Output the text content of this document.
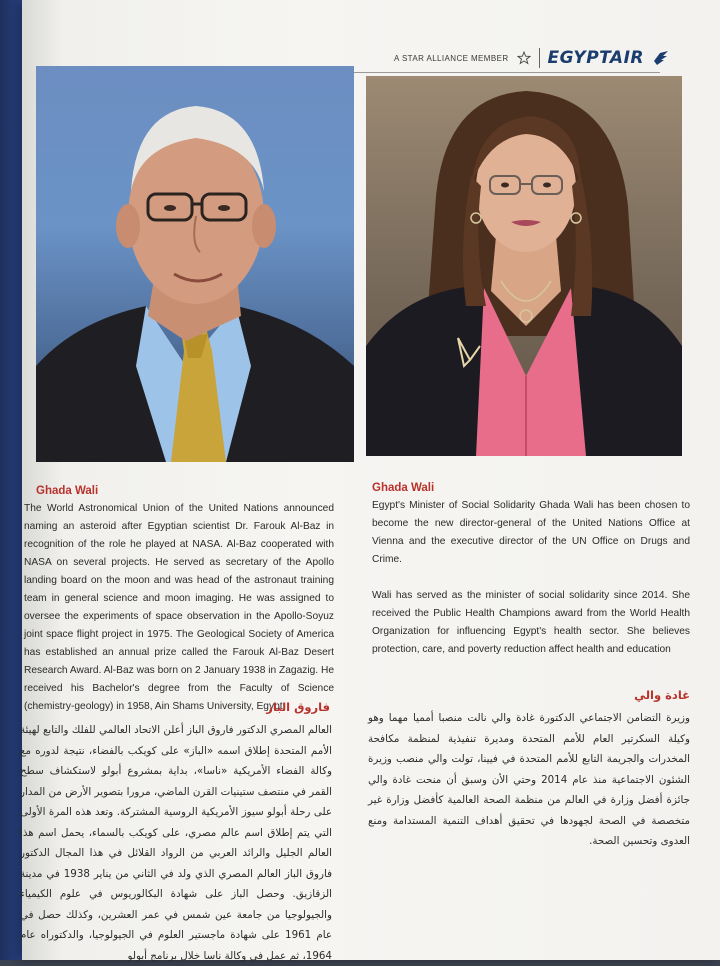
A STAR ALLIANCE MEMBER EGYPTAIR
Ghada Wali

The World Astronomical Union of the United Nations announced naming an asteroid after Egyptian scientist Dr. Farouk Al-Baz in recognition of the role he played at NASA. Al-Baz cooperated with NASA on several projects. He served as secretary of the Apollo landing board on the moon and was head of the astronaut training team in general science and moon imaging. He was assigned to oversee the experiments of space observation in the Apollo-Soyuz joint space flight project in 1975. The Geological Society of America has established an annual prize called the Farouk Al-Baz Desert Research Award. Al-Baz was born on 2 January 1938 in Zagazig. He received his Bachelor's degree from the Faculty of Science (chemistry-geology) in 1958, Ain Shams University, Egypt.

فاروق الباز

العالم المصري الدكتور فاروق الباز أعلن الاتحاد العالمي للفلك والتابع لهيئة الأمم المتحدة إطلاق اسمه «الباز» على كويكب بالفضاء، نتيجة لدوره مع وكالة الفضاء الأمريكية «ناسا»، بداية بمشروع أبولو لاستكشاف سطح القمر في منتصف ستينيات القرن الماضي، مرورا بتصوير الأرض من المدار على رحلة أبولو سيوز الأمريكية الروسية المشتركة. وتعد هذه المرة الأولى التي يتم إطلاق اسم عالم مصري، على كويكب بالسماء، يحمل اسم هذا العالم الجليل والرائد العربي من الرواد القلائل في هذا المجال الدكتور فاروق الباز العالم المصري الذي ولد في الثاني من يناير 1938 في مدينة الزقازيق. وحصل الباز على شهادة البكالوريوس في علوم الكيمياء والجيولوجيا من جامعة عين شمس في عمر العشرين، وكذلك حصل في عام 1961 على شهادة ماجستير العلوم في الجيولوجيا، والدكتوراه عام 1964، ثم عمل في وكالة ناسا خلال برنامج أبولو

Ghada Wali

Egypt's Minister of Social Solidarity Ghada Wali has been chosen to become the new director-general of the United Nations Office at Vienna and the executive director of the UN Office on Drugs and Crime.

Wali has served as the minister of social solidarity since 2014. She received the Public Health Champions award from the World Health Organization for influencing Egypt's health sector. She believes protection, care, and poverty reduction affect health and education

غادة والي

وزيرة التضامن الاجتماعي الدكتورة غادة والي نالت منصبا أمميا مهما وهو وكيلة السكرتير العام للأمم المتحدة ومديرة تنفيذية لمنظمة مكافحة المخدرات والجريمة التابع للأمم المتحدة في فيينا، تولت والي منصب وزيرة الشئون الاجتماعية منذ عام 2014 وحتي الأن وسبق أن منحت غادة والي جائزة أفضل وزارة في العالم من منظمة الصحة العالمية كأفضل وزارة غير متخصصة في الصحة لجهودها في تحقيق أهداف التنمية المستدامة ومنع العدوى وتحسين الصحة.
